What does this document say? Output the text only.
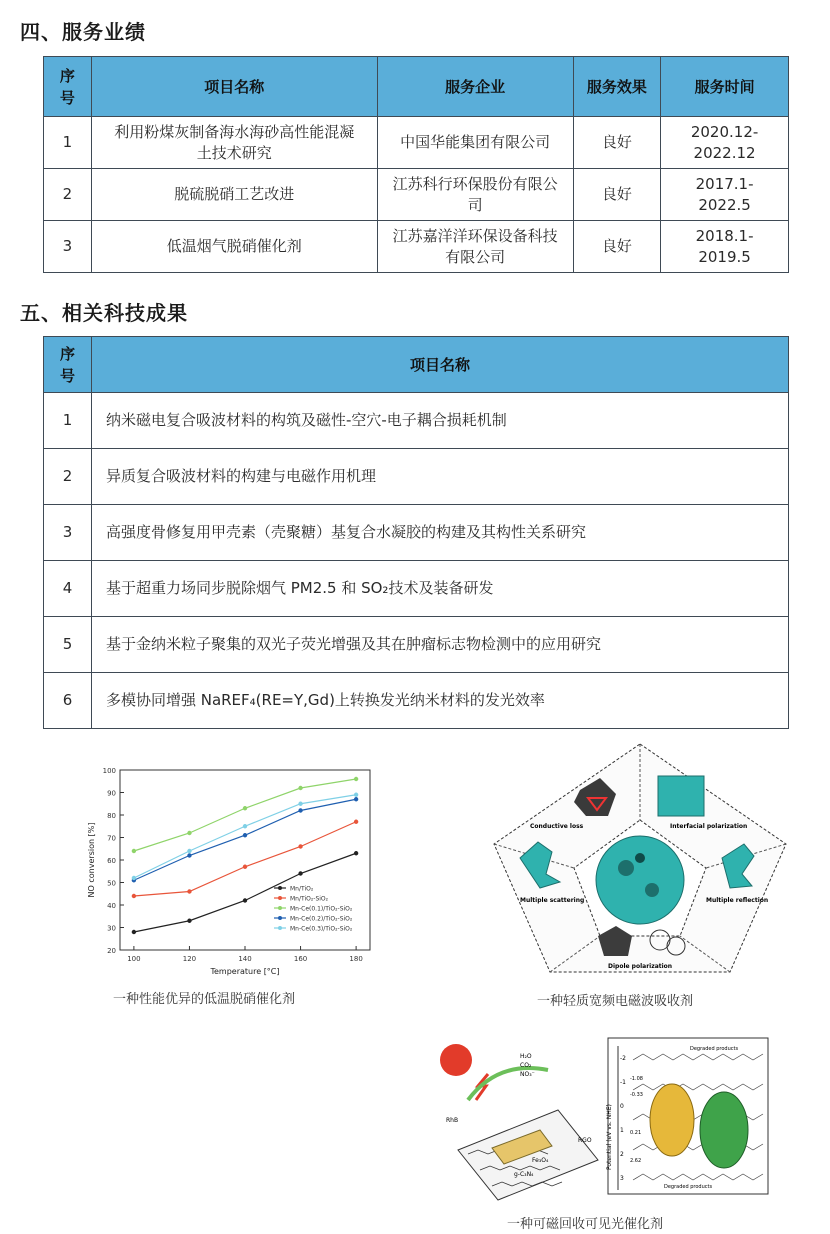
四、服务业绩
序号	项目名称	服务企业	服务效果	服务时间
1	利用粉煤灰制备海水海砂高性能混凝土技术研究	中国华能集团有限公司	良好	2020.12-2022.12
2	脱硫脱硝工艺改进	江苏科行环保股份有限公司	良好	2017.1-2022.5
3	低温烟气脱硝催化剂	江苏嘉洋洋环保设备科技有限公司	良好	2018.1-2019.5
五、相关科技成果
序号	项目名称
1	纳米磁电复合吸波材料的构筑及磁性-空穴-电子耦合损耗机制
2	异质复合吸波材料的构建与电磁作用机理
3	高强度骨修复用甲壳素（壳聚糖）基复合水凝胶的构建及其构性关系研究
4	基于超重力场同步脱除烟气 PM2.5 和 SO₂技术及装备研发
5	基于金纳米粒子聚集的双光子荧光增强及其在肿瘤标志物检测中的应用研究
6	多模协同增强 NaREF₄(RE=Y,Gd)上转换发光纳米材料的发光效率
20
30
40
50
60
70
80
90
100
100	120	140	160	180
Temperature [°C]
NO conversion [%]	Mn/TiO₂
Mn/TiO₂-SiO₂
Mn-Ce(0.1)/TiO₂-SiO₂
Mn-Ce(0.2)/TiO₂-SiO₂
Mn-Ce(0.3)/TiO₂-SiO₂
一种性能优异的低温脱硝催化剂
Conductive loss	Interfacial polarization
Multiple scattering	Multiple reflection
Dipole polarization
一种轻质宽频电磁波吸收剂
H₂O
CO₂
NO₃⁻
RhB
RGO
Fe₃O₄
g-C₃N₄
Potential (eV vs. NHE)
-2
-1
0
1
2
3
-1.08
-0.33
2.62
0.21
Degraded products
Degraded products
一种可磁回收可见光催化剂
